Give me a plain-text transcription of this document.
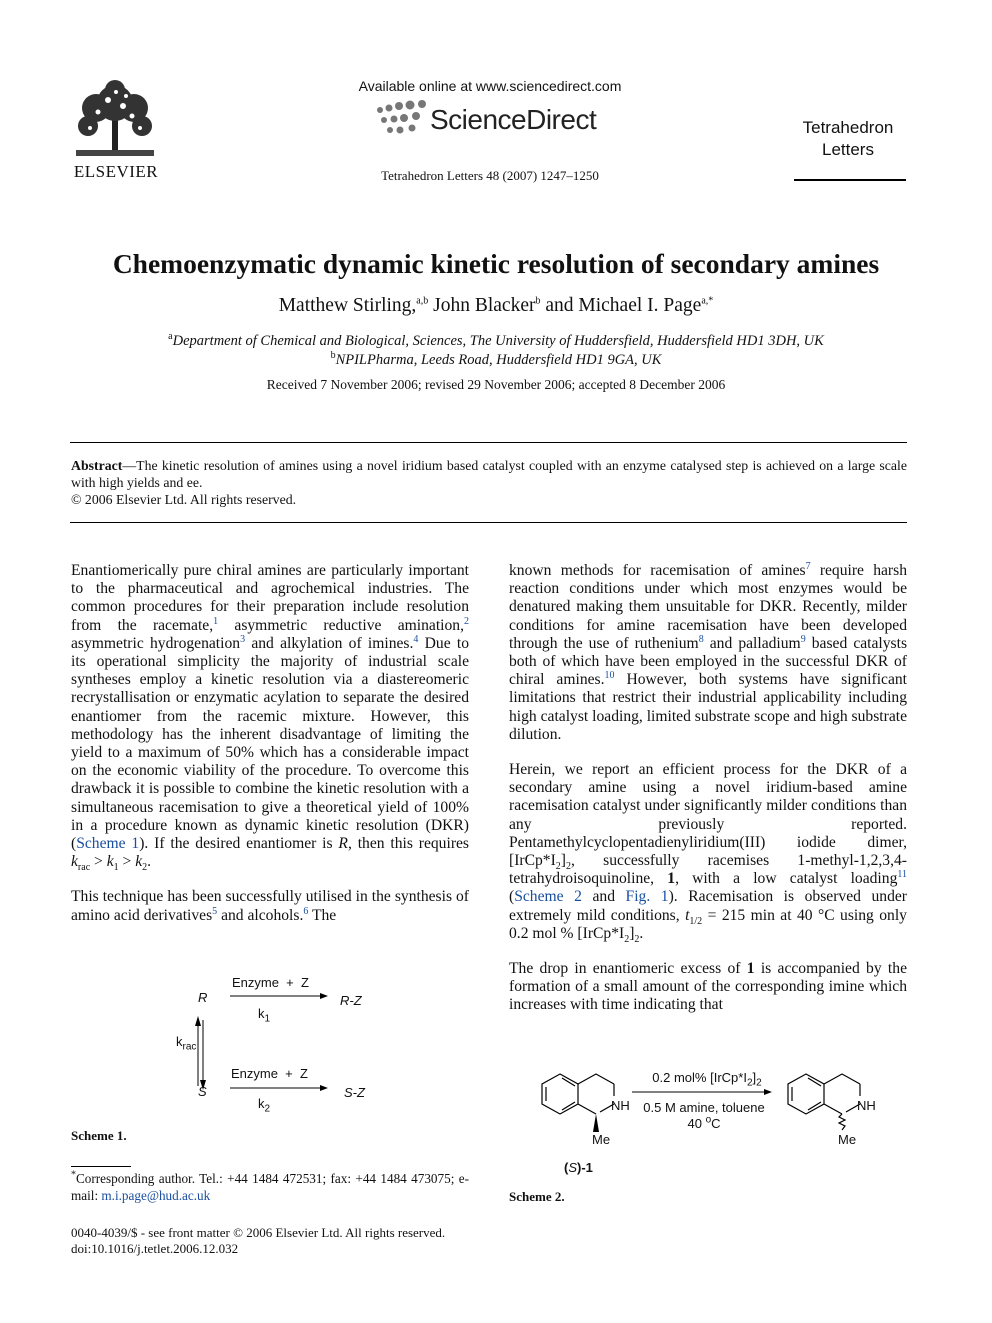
ELSEVIER
Available online at www.sciencedirect.com
ScienceDirect
Tetrahedron Letters 48 (2007) 1247–1250
Tetrahedron
Letters
Chemoenzymatic dynamic kinetic resolution of secondary amines
Matthew Stirling,$^{a,b}$ John Blacker$^b$ and Michael I. Page$^{a,*}$
$^a$Department of Chemical and Biological, Sciences, The University of Huddersfield, Huddersfield HD1 3DH, UK
$^b$NPILPharma, Leeds Road, Huddersfield HD1 9GA, UK
Received 7 November 2006; revised 29 November 2006; accepted 8 December 2006
Abstract—The kinetic resolution of amines using a novel iridium based catalyst coupled with an enzyme catalysed step is achieved on a large scale with high yields and ee.
© 2006 Elsevier Ltd. All rights reserved.

Enantiomerically pure chiral amines are particularly important to the pharmaceutical and agrochemical industries. The common procedures for their preparation include resolution from the racemate,$^1$ asymmetric reductive amination,$^2$ asymmetric hydrogenation$^3$ and alkylation of imines.$^4$ Due to its operational simplicity the majority of industrial scale syntheses employ a kinetic resolution via a diastereomeric recrystallisation or enzymatic acylation to separate the desired enantiomer from the racemic mixture. However, this methodology has the inherent disadvantage of limiting the yield to a maximum of 50% which has a considerable impact on the economic viability of the procedure. To overcome this drawback it is possible to combine the kinetic resolution with a simultaneous racemisation to give a theoretical yield of 100% in a procedure known as dynamic kinetic resolution (DKR) (Scheme 1). If the desired enantiomer is R, then this requires $k_{rac} > k_1 > k_2$.

This technique has been successfully utilised in the synthesis of amino acid derivatives$^5$ and alcohols.$^6$ The

Enzyme  +  Z
R	R-Z
$k_1$
$k_{rac}$
Enzyme  +  Z
S	S-Z
$k_2$
Scheme 1.
*Corresponding author. Tel.: +44 1484 472531; fax: +44 1484 473075; e-mail: m.i.page@hud.ac.uk
0040-4039/$ - see front matter © 2006 Elsevier Ltd. All rights reserved.
doi:10.1016/j.tetlet.2006.12.032

known methods for racemisation of amines$^7$ require harsh reaction conditions under which most enzymes would be denatured making them unsuitable for DKR. Recently, milder conditions for amine racemisation have been developed through the use of ruthenium$^8$ and palladium$^9$ based catalysts both of which have been employed in the successful DKR of chiral amines.$^{10}$ However, both systems have significant limitations that restrict their industrial applicability including high catalyst loading, limited substrate scope and high substrate dilution.

Herein, we report an efficient process for the DKR of a secondary amine using a novel iridium-based amine racemisation catalyst under significantly milder conditions than any previously reported. Pentamethylcyclopentadienyliridium(III) iodide dimer, $[IrCp*I_2]_2$, successfully racemises 1-methyl-1,2,3,4-tetrahydroisoquinoline, 1, with a low catalyst loading$^{11}$ (Scheme 2 and Fig. 1). Racemisation is observed under extremely mild conditions, $t_{1/2} = 215$ min at 40 °C using only 0.2 mol % $[IrCp*I_2]_2$.

The drop in enantiomeric excess of 1 is accompanied by the formation of a small amount of the corresponding imine which increases with time indicating that

NH
Me
0.2 mol% $[IrCp*I_2]_2$
0.5 M amine, toluene
40 $^o$C
NH
Me
(S)-1
Scheme 2.
